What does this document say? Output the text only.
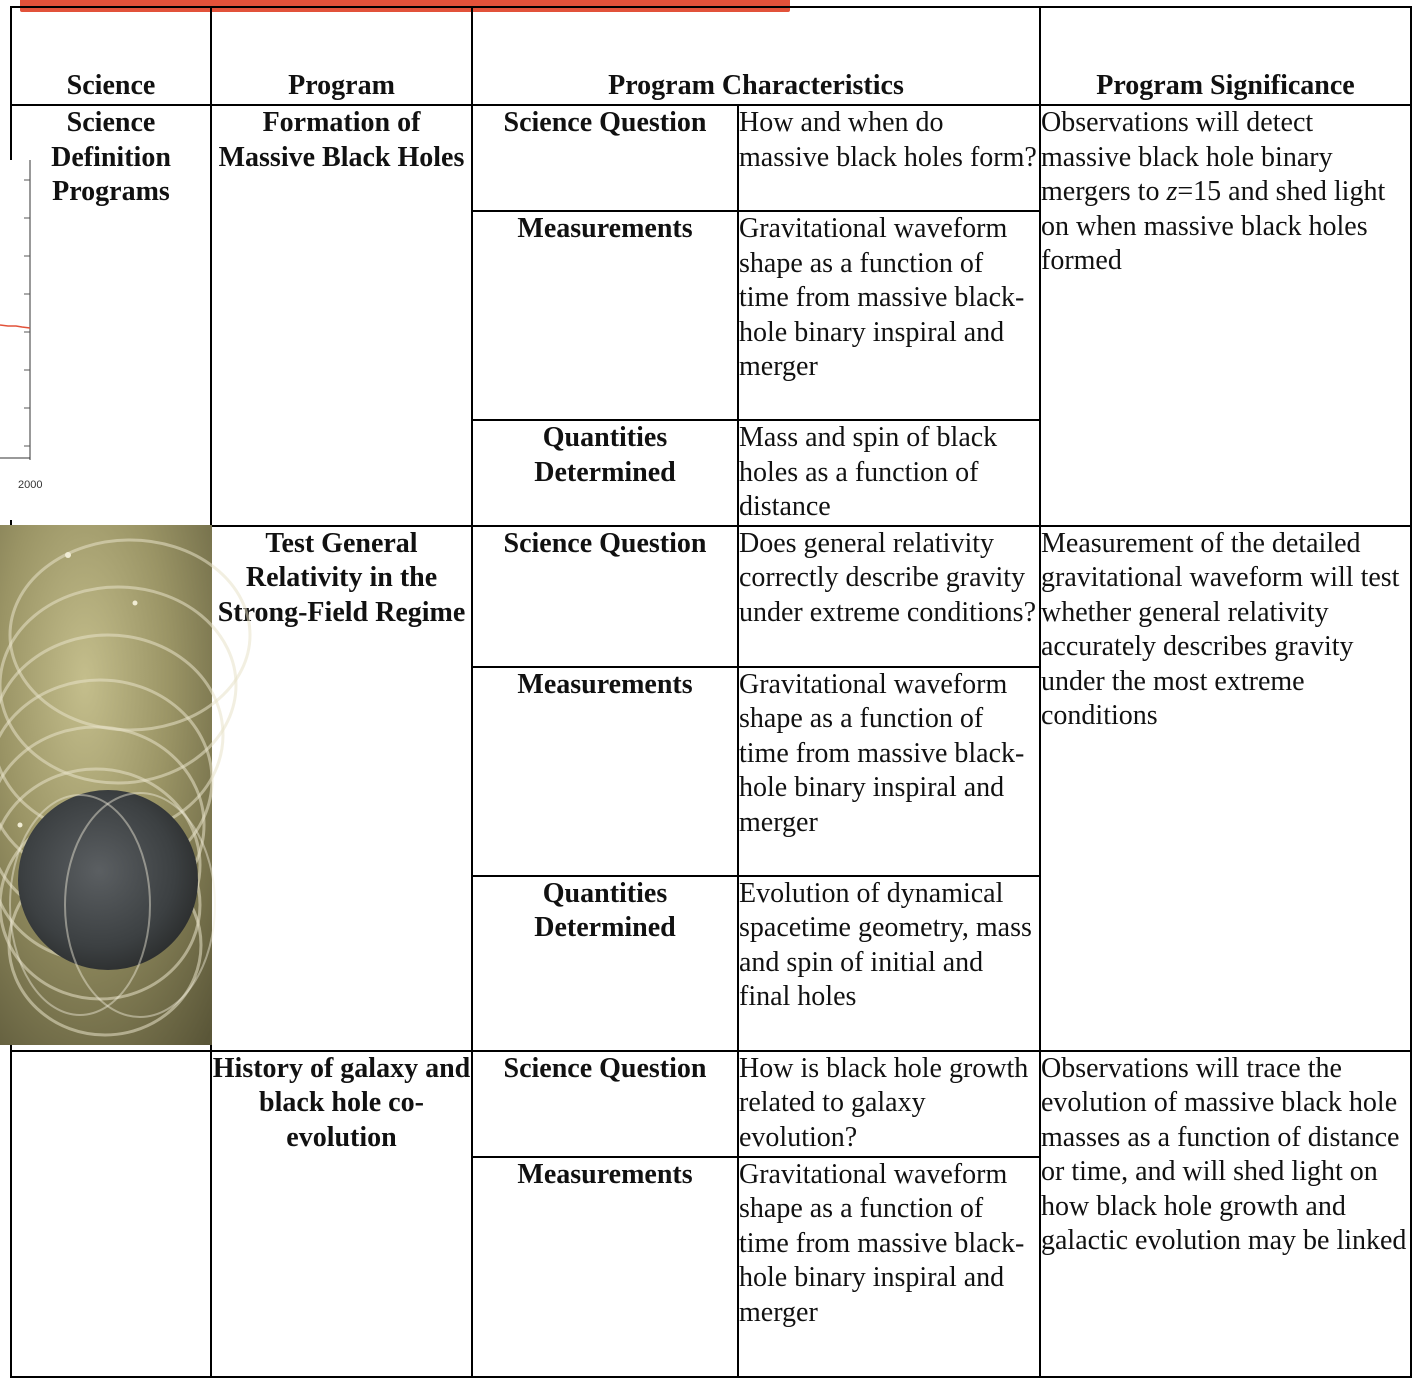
Science	Program	Program Characteristics		Program Significance
Science Definition Programs	Formation of Massive Black Holes	Science Question	How and when do massive black holes form?	Observations will detect massive black hole binary mergers to z=15 and shed light on when massive black holes formed
		Measurements	Gravitational waveform shape as a function of time from massive black-hole binary inspiral and merger	
		Quantities Determined	Mass and spin of black holes as a function of distance	
	Test General Relativity in the Strong-Field Regime	Science Question	Does general relativity correctly describe gravity under extreme conditions?	Measurement of the detailed gravitational waveform will test whether general relativity accurately describes gravity under the most extreme conditions
		Measurements	Gravitational waveform shape as a function of time from massive black-hole binary inspiral and merger	
		Quantities Determined	Evolution of dynamical spacetime geometry, mass and spin of initial and final holes	
	History of galaxy and black hole co-evolution	Science Question	How is black hole growth related to galaxy evolution?	Observations will trace the evolution of massive black hole masses as a function of distance or time, and will shed light on how black hole growth and galactic evolution may be linked
		Measurements	Gravitational waveform shape as a function of time from massive black-hole binary inspiral and merger	
2000
